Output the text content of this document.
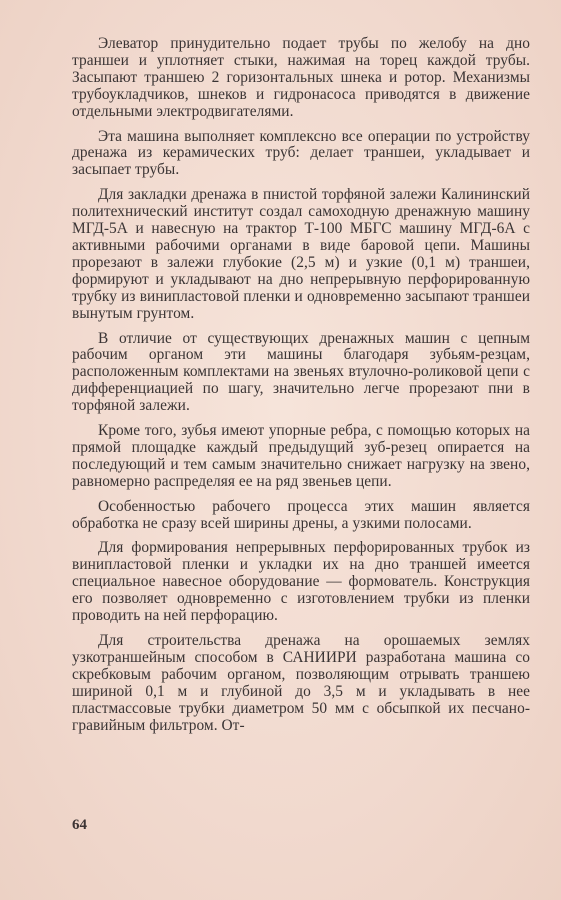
Элеватор принудительно подает трубы по желобу на дно траншеи и уплотняет стыки, нажимая на торец каждой трубы. Засыпают траншею 2 горизонтальных шнека и ротор. Механизмы трубоукладчиков, шнеков и гидронасоса приводятся в движение отдельными электродвигателями.

Эта машина выполняет комплексно все операции по устройству дренажа из керамических труб: делает траншеи, укладывает и засыпает трубы.

Для закладки дренажа в пнистой торфяной залежи Калининский политехнический институт создал самоходную дренажную машину МГД-5А и навесную на трактор Т-100 МБГС машину МГД-6А с активными рабочими органами в виде баровой цепи. Машины прорезают в залежи глубокие (2,5 м) и узкие (0,1 м) траншеи, формируют и укладывают на дно непрерывную перфорированную трубку из винипластовой пленки и одновременно засыпают траншеи вынутым грунтом.

В отличие от существующих дренажных машин с цепным рабочим органом эти машины благодаря зубьям-резцам, расположенным комплектами на звеньях втулочно-роликовой цепи с дифференциацией по шагу, значительно легче прорезают пни в торфяной залежи.

Кроме того, зубья имеют упорные ребра, с помощью которых на прямой площадке каждый предыдущий зуб-резец опирается на последующий и тем самым значительно снижает нагрузку на звено, равномерно распределяя ее на ряд звеньев цепи.

Особенностью рабочего процесса этих машин является обработка не сразу всей ширины дрены, а узкими полосами.

Для формирования непрерывных перфорированных трубок из винипластовой пленки и укладки их на дно траншей имеется специальное навесное оборудование — формователь. Конструкция его позволяет одновременно с изготовлением трубки из пленки проводить на ней перфорацию.

Для строительства дренажа на орошаемых землях узкотраншейным способом в САНИИРИ разработана машина со скребковым рабочим органом, позволяющим отрывать траншею шириной 0,1 м и глубиной до 3,5 м и укладывать в нее пластмассовые трубки диаметром 50 мм с обсыпкой их песчано-гравийным фильтром. От-

64
